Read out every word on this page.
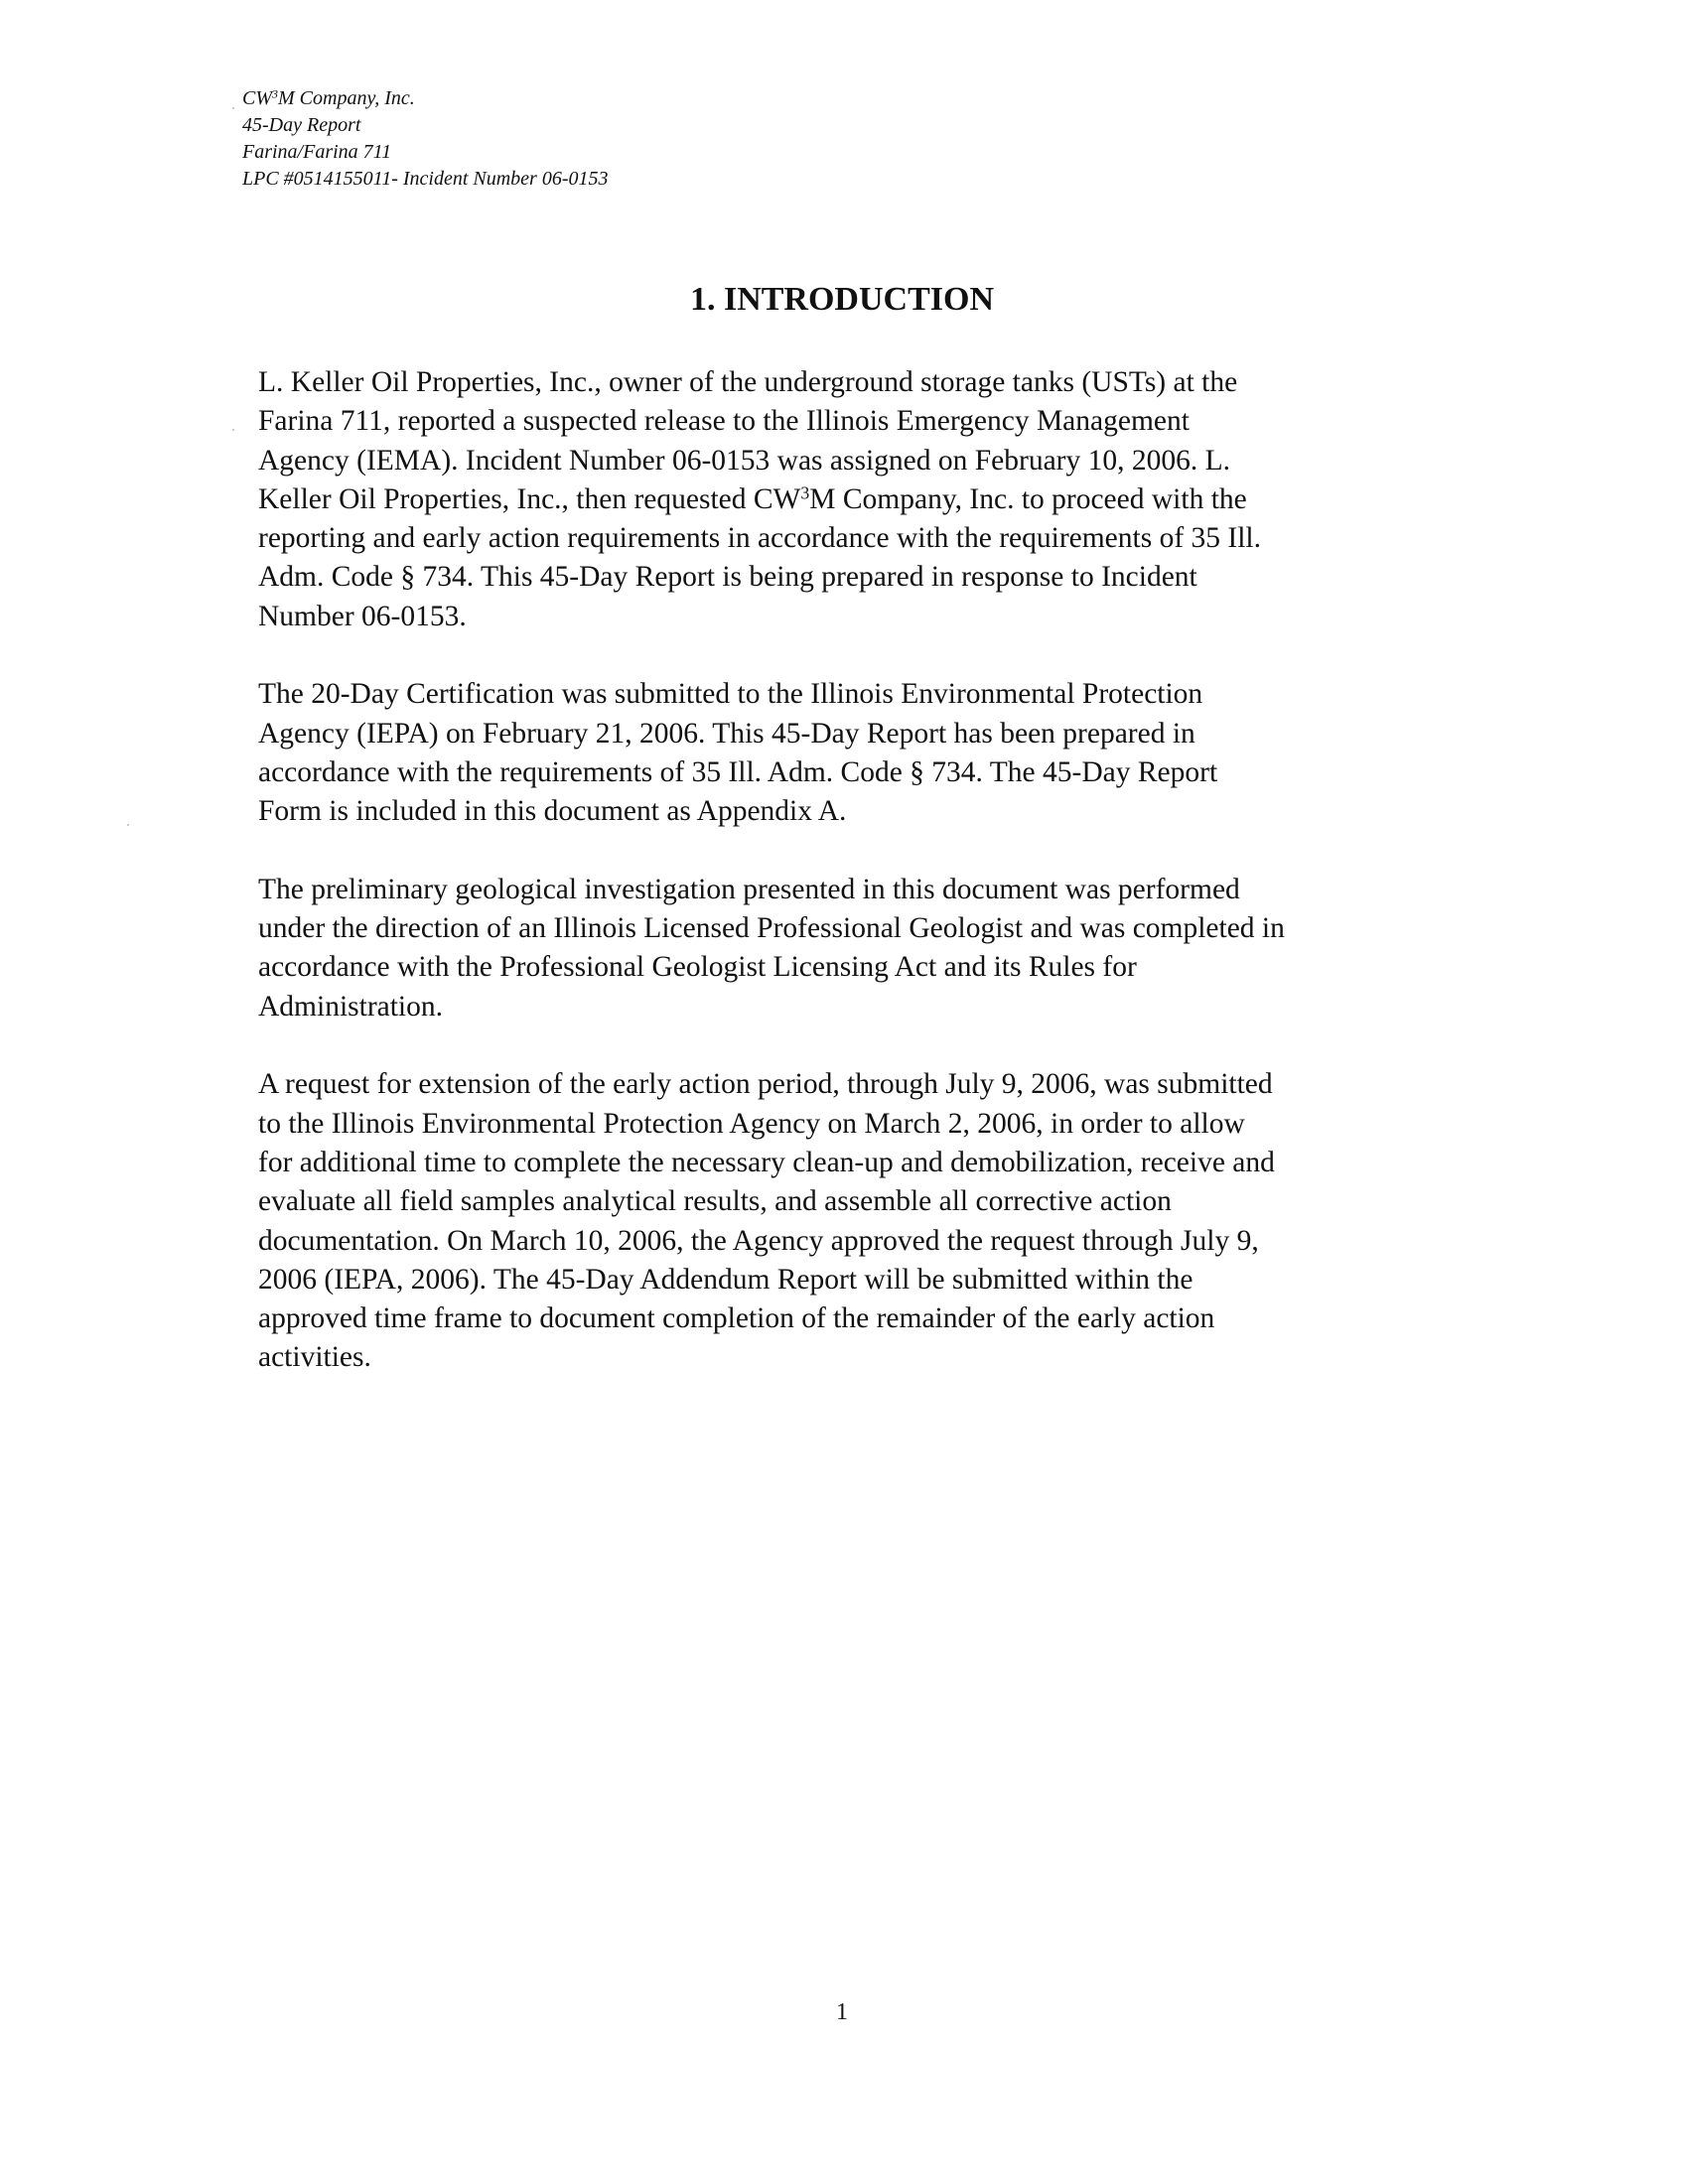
$CW^3M$ Company, Inc.
45-Day Report
Farina/Farina 711
LPC #0514155011- Incident Number 06-0153
1. INTRODUCTION

L. Keller Oil Properties, Inc., owner of the underground storage tanks (USTs) at the
Farina 711, reported a suspected release to the Illinois Emergency Management
Agency (IEMA). Incident Number 06-0153 was assigned on February 10, 2006. L.
Keller Oil Properties, Inc., then requested $CW^3M$ Company, Inc. to proceed with the
reporting and early action requirements in accordance with the requirements of 35 Ill.
Adm. Code § 734. This 45-Day Report is being prepared in response to Incident
Number 06-0153.

The 20-Day Certification was submitted to the Illinois Environmental Protection
Agency (IEPA) on February 21, 2006. This 45-Day Report has been prepared in
accordance with the requirements of 35 Ill. Adm. Code § 734. The 45-Day Report
Form is included in this document as Appendix A.

The preliminary geological investigation presented in this document was performed
under the direction of an Illinois Licensed Professional Geologist and was completed in
accordance with the Professional Geologist Licensing Act and its Rules for
Administration.

A request for extension of the early action period, through July 9, 2006, was submitted
to the Illinois Environmental Protection Agency on March 2, 2006, in order to allow
for additional time to complete the necessary clean-up and demobilization, receive and
evaluate all field samples analytical results, and assemble all corrective action
documentation. On March 10, 2006, the Agency approved the request through July 9,
2006 (IEPA, 2006). The 45-Day Addendum Report will be submitted within the
approved time frame to document completion of the remainder of the early action
activities.

1
